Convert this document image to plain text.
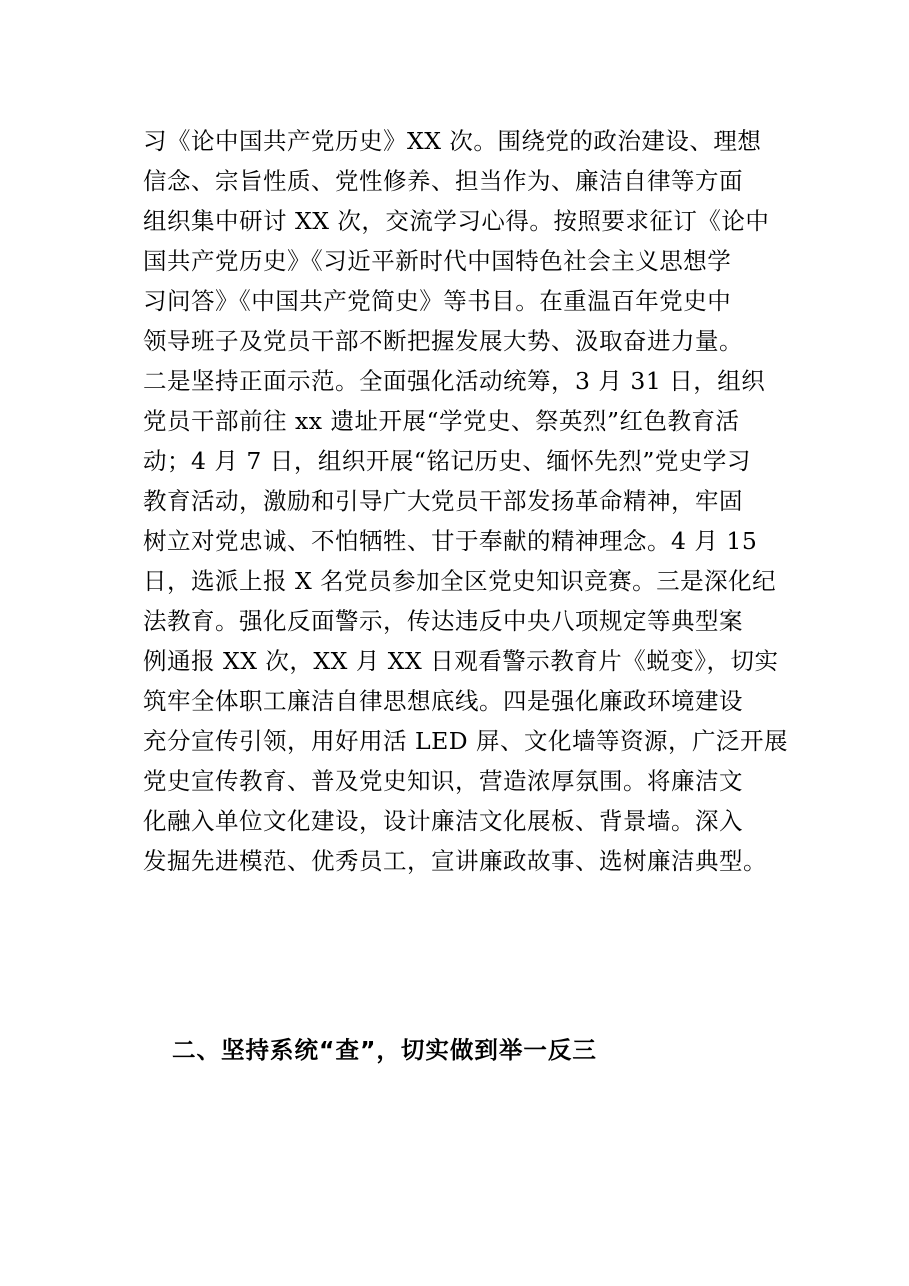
习《论中国共产党历史》XX 次。围绕党的政治建设、理想
信念、宗旨性质、党性修养、担当作为、廉洁自律等方面
组织集中研讨 XX 次，交流学习心得。按照要求征订《论中
国共产党历史》《习近平新时代中国特色社会主义思想学
习问答》《中国共产党简史》等书目。在重温百年党史中
领导班子及党员干部不断把握发展大势、汲取奋进力量。
二是坚持正面示范。全面强化活动统筹，3 月 31 日，组织
党员干部前往 xx 遗址开展“学党史、祭英烈”红色教育活
动；4 月 7 日，组织开展“铭记历史、缅怀先烈”党史学习
教育活动，激励和引导广大党员干部发扬革命精神，牢固
树立对党忠诚、不怕牺牲、甘于奉献的精神理念。4 月 15
日，选派上报 X 名党员参加全区党史知识竞赛。三是深化纪
法教育。强化反面警示，传达违反中央八项规定等典型案
例通报 XX 次，XX 月 XX 日观看警示教育片《蜕变》，切实
筑牢全体职工廉洁自律思想底线。四是强化廉政环境建设
充分宣传引领，用好用活 LED 屏、文化墙等资源，广泛开展
党史宣传教育、普及党史知识，营造浓厚氛围。将廉洁文
化融入单位文化建设，设计廉洁文化展板、背景墙。深入
发掘先进模范、优秀员工，宣讲廉政故事、选树廉洁典型。
二、坚持系统“查”，切实做到举一反三
